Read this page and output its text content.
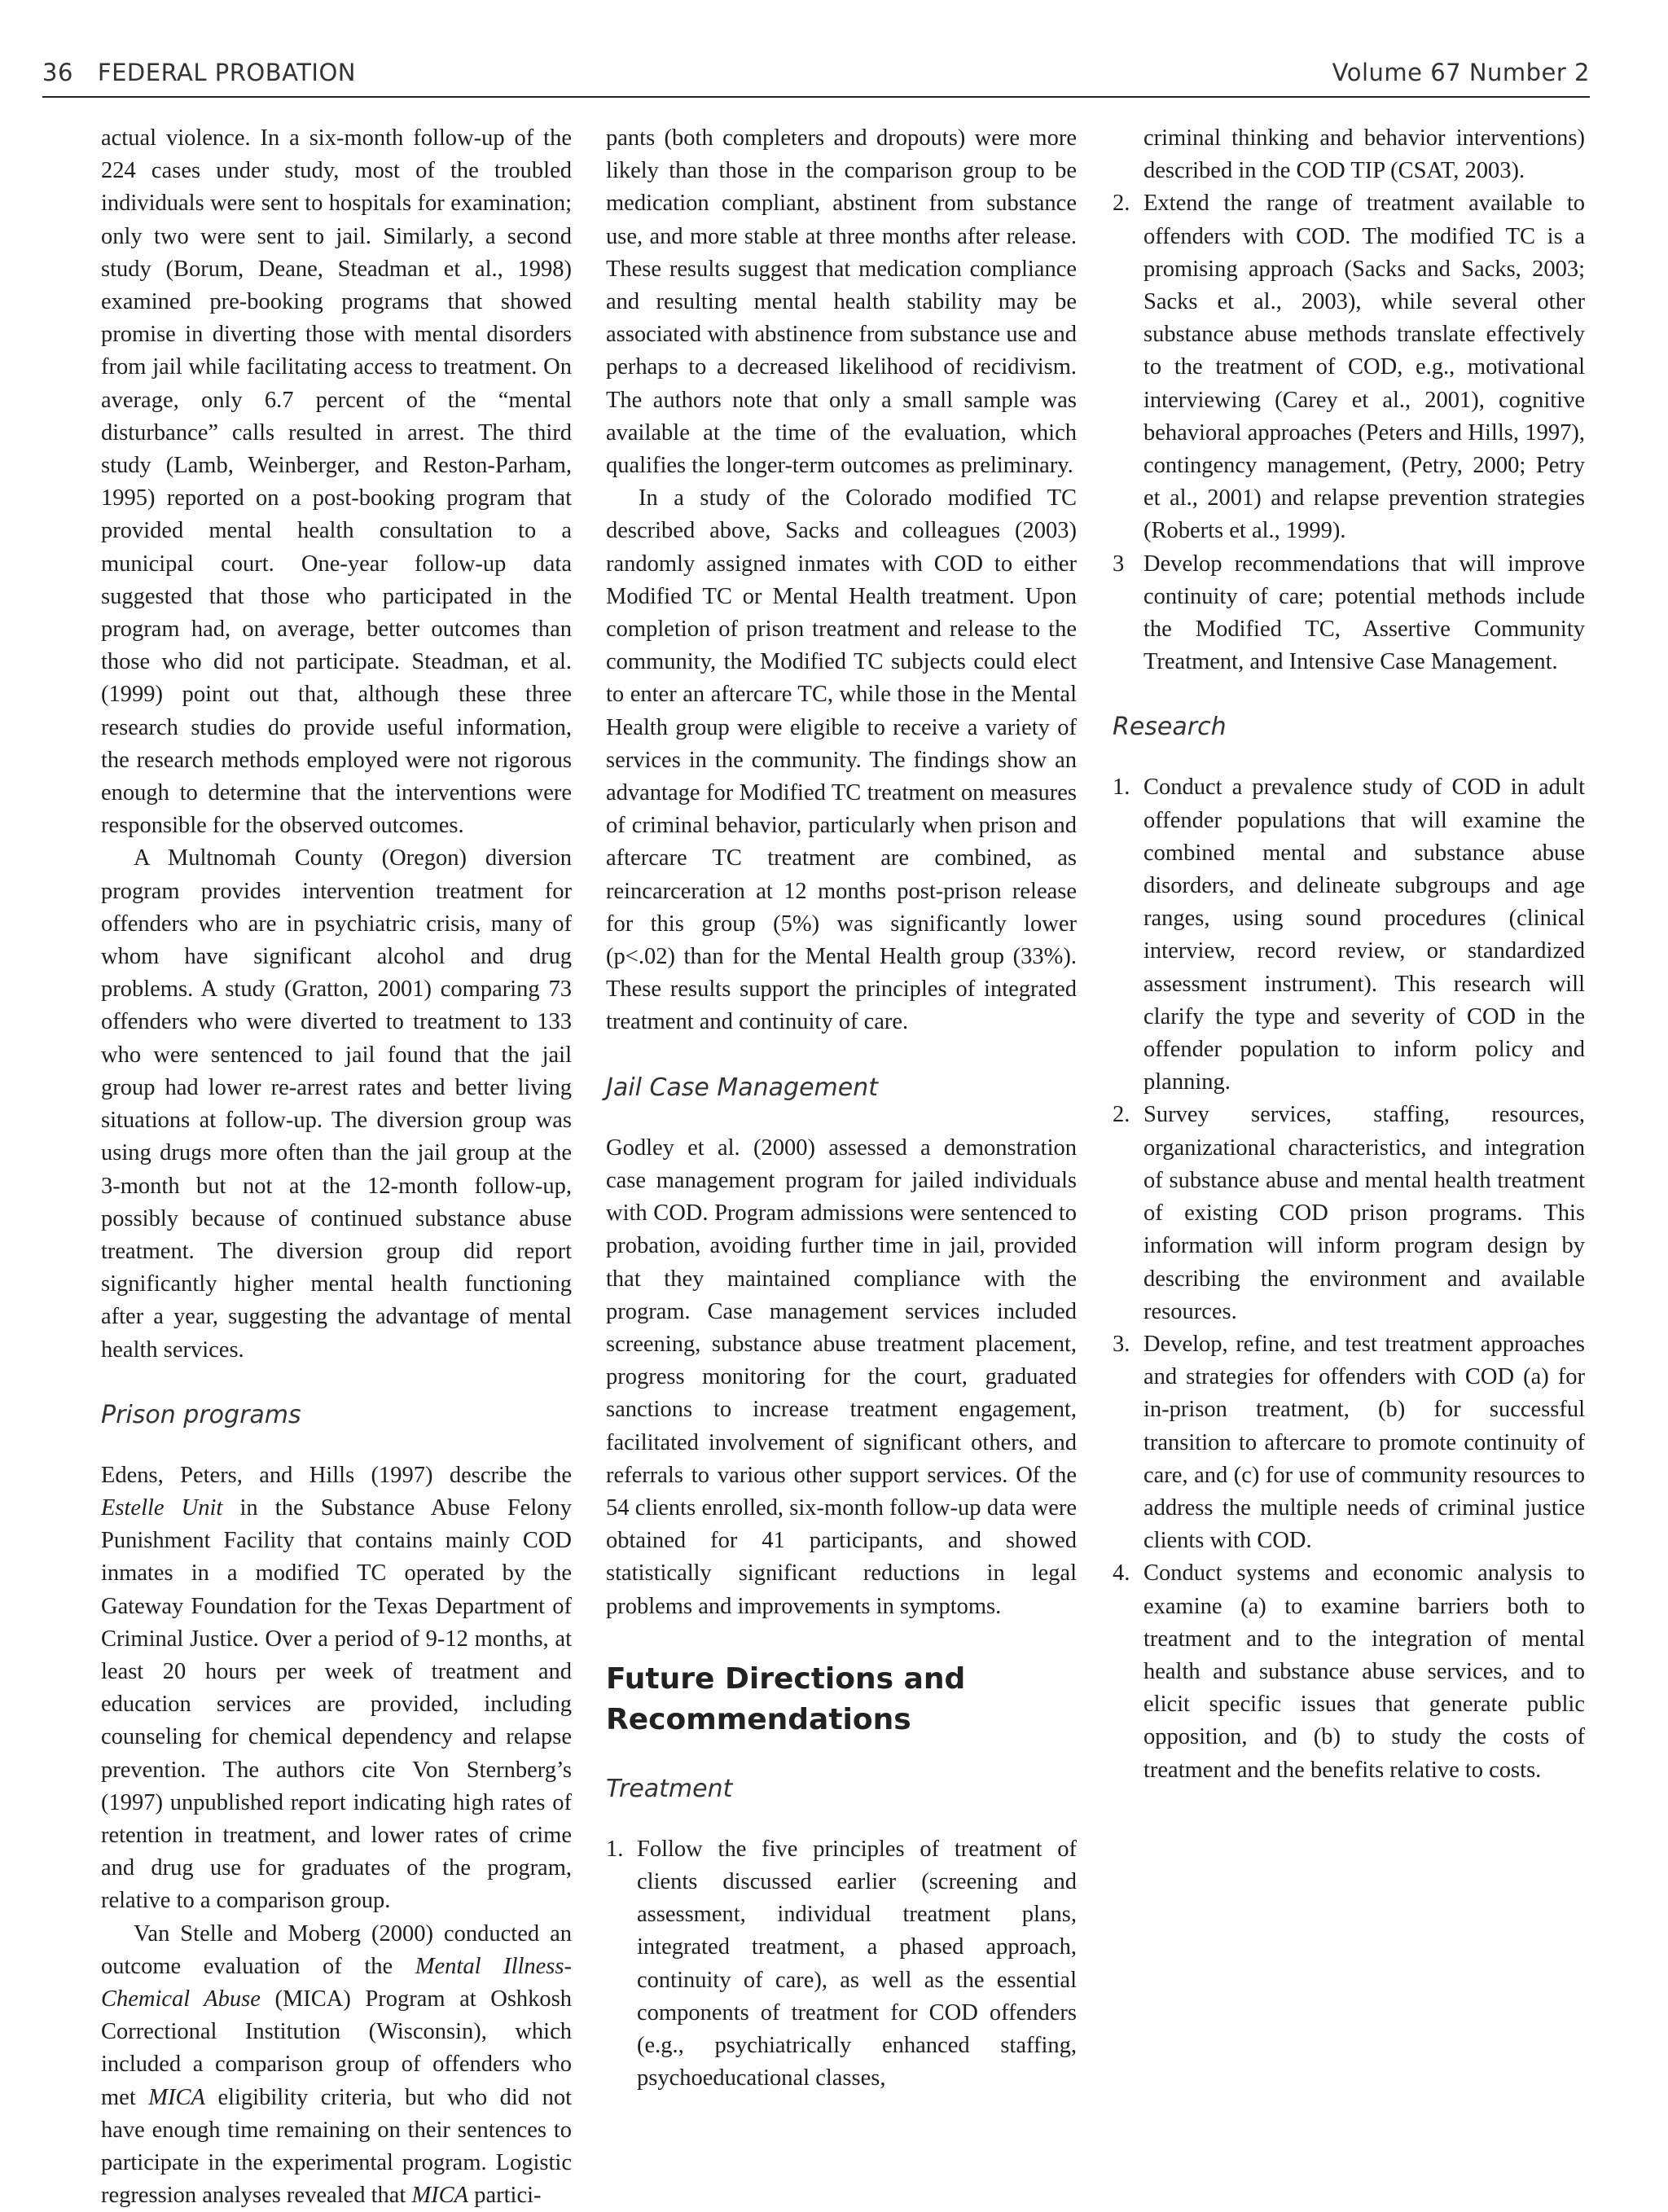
36 FEDERAL PROBATION	Volume 67 Number 2

actual violence. In a six-month follow-up of the 224 cases under study, most of the troubled individuals were sent to hospitals for examination; only two were sent to jail. Similarly, a second study (Borum, Deane, Steadman et al., 1998) examined pre-booking programs that showed promise in diverting those with mental disorders from jail while facilitating access to treatment. On average, only 6.7 percent of the “mental disturbance” calls resulted in arrest. The third study (Lamb, Weinberger, and Reston-Parham, 1995) reported on a post-booking program that provided mental health consultation to a municipal court. One-year follow-up data suggested that those who participated in the program had, on average, better outcomes than those who did not participate. Steadman, et al. (1999) point out that, although these three research studies do provide useful information, the research methods employed were not rigorous enough to determine that the interventions were responsible for the observed outcomes.

A Multnomah County (Oregon) diversion program provides intervention treatment for offenders who are in psychiatric crisis, many of whom have significant alcohol and drug problems. A study (Gratton, 2001) comparing 73 offenders who were diverted to treatment to 133 who were sentenced to jail found that the jail group had lower re-arrest rates and better living situations at follow-up. The diversion group was using drugs more often than the jail group at the 3-month but not at the 12-month follow-up, possibly because of continued substance abuse treatment. The diversion group did report significantly higher mental health functioning after a year, suggesting the advantage of mental health services.

Prison programs

Edens, Peters, and Hills (1997) describe the Estelle Unit in the Substance Abuse Felony Punishment Facility that contains mainly COD inmates in a modified TC operated by the Gateway Foundation for the Texas Department of Criminal Justice. Over a period of 9-12 months, at least 20 hours per week of treatment and education services are provided, including counseling for chemical dependency and relapse prevention. The authors cite Von Sternberg’s (1997) unpublished report indicating high rates of retention in treatment, and lower rates of crime and drug use for graduates of the program, relative to a comparison group.

Van Stelle and Moberg (2000) conducted an outcome evaluation of the Mental Illness-Chemical Abuse (MICA) Program at Oshkosh Correctional Institution (Wisconsin), which included a comparison group of offenders who met MICA eligibility criteria, but who did not have enough time remaining on their sentences to participate in the experimental program. Logistic regression analyses revealed that MICA partici-

pants (both completers and dropouts) were more likely than those in the comparison group to be medication compliant, abstinent from substance use, and more stable at three months after release. These results suggest that medication compliance and resulting mental health stability may be associated with abstinence from substance use and perhaps to a decreased likelihood of recidivism. The authors note that only a small sample was available at the time of the evaluation, which qualifies the longer-term outcomes as preliminary.

In a study of the Colorado modified TC described above, Sacks and colleagues (2003) randomly assigned inmates with COD to either Modified TC or Mental Health treatment. Upon completion of prison treatment and release to the community, the Modified TC subjects could elect to enter an aftercare TC, while those in the Mental Health group were eligible to receive a variety of services in the community. The findings show an advantage for Modified TC treatment on measures of criminal behavior, particularly when prison and aftercare TC treatment are combined, as reincarceration at 12 months post-prison release for this group (5%) was significantly lower (p<.02) than for the Mental Health group (33%). These results support the principles of integrated treatment and continuity of care.

Jail Case Management

Godley et al. (2000) assessed a demonstration case management program for jailed individuals with COD. Program admissions were sentenced to probation, avoiding further time in jail, provided that they maintained compliance with the program. Case management services included screening, substance abuse treatment placement, progress monitoring for the court, graduated sanctions to increase treatment engagement, facilitated involvement of significant others, and referrals to various other support services. Of the 54 clients enrolled, six-month follow-up data were obtained for 41 participants, and showed statistically significant reductions in legal problems and improvements in symptoms.

Future Directions and Recommendations
Treatment
1. Follow the five principles of treatment of clients discussed earlier (screening and assessment, individual treatment plans, integrated treatment, a phased approach, continuity of care), as well as the essential components of treatment for COD offenders (e.g., psychiatrically enhanced staffing, psychoeducational classes,
criminal thinking and behavior interventions) described in the COD TIP (CSAT, 2003).
2. Extend the range of treatment available to offenders with COD. The modified TC is a promising approach (Sacks and Sacks, 2003; Sacks et al., 2003), while several other substance abuse methods translate effectively to the treatment of COD, e.g., motivational interviewing (Carey et al., 2001), cognitive behavioral approaches (Peters and Hills, 1997), contingency management, (Petry, 2000; Petry et al., 2001) and relapse prevention strategies (Roberts et al., 1999).
3 Develop recommendations that will improve continuity of care; potential methods include the Modified TC, Assertive Community Treatment, and Intensive Case Management.
Research
1. Conduct a prevalence study of COD in adult offender populations that will examine the combined mental and substance abuse disorders, and delineate subgroups and age ranges, using sound procedures (clinical interview, record review, or standardized assessment instrument). This research will clarify the type and severity of COD in the offender population to inform policy and planning.
2. Survey services, staffing, resources, organizational characteristics, and integration of substance abuse and mental health treatment of existing COD prison programs. This information will inform program design by describing the environment and available resources.
3. Develop, refine, and test treatment approaches and strategies for offenders with COD (a) for in-prison treatment, (b) for successful transition to aftercare to promote continuity of care, and (c) for use of community resources to address the multiple needs of criminal justice clients with COD.
4. Conduct systems and economic analysis to examine (a) to examine barriers both to treatment and to the integration of mental health and substance abuse services, and to elicit specific issues that generate public opposition, and (b) to study the costs of treatment and the benefits relative to costs.
